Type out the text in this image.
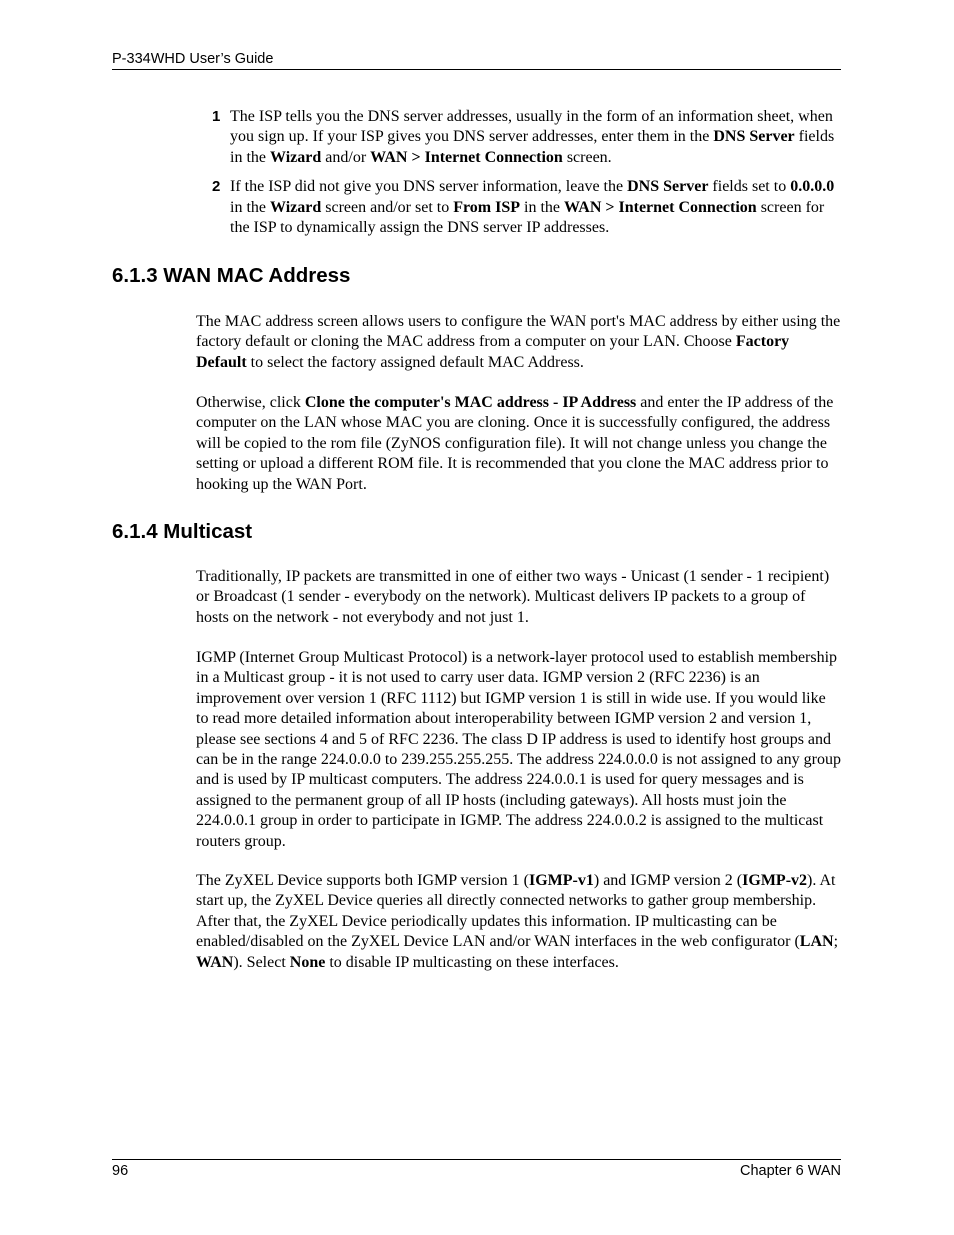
P-334WHD User’s Guide
1 The ISP tells you the DNS server addresses, usually in the form of an information sheet, when you sign up. If your ISP gives you DNS server addresses, enter them in the DNS Server fields in the Wizard and/or WAN > Internet Connection screen.
2 If the ISP did not give you DNS server information, leave the DNS Server fields set to 0.0.0.0 in the Wizard screen and/or set to From ISP in the WAN > Internet Connection screen for the ISP to dynamically assign the DNS server IP addresses.
6.1.3 WAN MAC Address

The MAC address screen allows users to configure the WAN port's MAC address by either using the factory default or cloning the MAC address from a computer on your LAN. Choose Factory Default to select the factory assigned default MAC Address.

Otherwise, click Clone the computer's MAC address - IP Address and enter the IP address of the computer on the LAN whose MAC you are cloning. Once it is successfully configured, the address will be copied to the rom file (ZyNOS configuration file). It will not change unless you change the setting or upload a different ROM file. It is recommended that you clone the MAC address prior to hooking up the WAN Port.

6.1.4 Multicast

Traditionally, IP packets are transmitted in one of either two ways - Unicast (1 sender - 1 recipient) or Broadcast (1 sender - everybody on the network). Multicast delivers IP packets to a group of hosts on the network - not everybody and not just 1.

IGMP (Internet Group Multicast Protocol) is a network-layer protocol used to establish membership in a Multicast group - it is not used to carry user data. IGMP version 2 (RFC 2236) is an improvement over version 1 (RFC 1112) but IGMP version 1 is still in wide use. If you would like to read more detailed information about interoperability between IGMP version 2 and version 1, please see sections 4 and 5 of RFC 2236. The class D IP address is used to identify host groups and can be in the range 224.0.0.0 to 239.255.255.255. The address 224.0.0.0 is not assigned to any group and is used by IP multicast computers. The address 224.0.0.1 is used for query messages and is assigned to the permanent group of all IP hosts (including gateways). All hosts must join the 224.0.0.1 group in order to participate in IGMP. The address 224.0.0.2 is assigned to the multicast routers group.

The ZyXEL Device supports both IGMP version 1 (IGMP-v1) and IGMP version 2 (IGMP-v2). At start up, the ZyXEL Device queries all directly connected networks to gather group membership. After that, the ZyXEL Device periodically updates this information. IP multicasting can be enabled/disabled on the ZyXEL Device LAN and/or WAN interfaces in the web configurator (LAN; WAN). Select None to disable IP multicasting on these interfaces.

96	Chapter 6 WAN
